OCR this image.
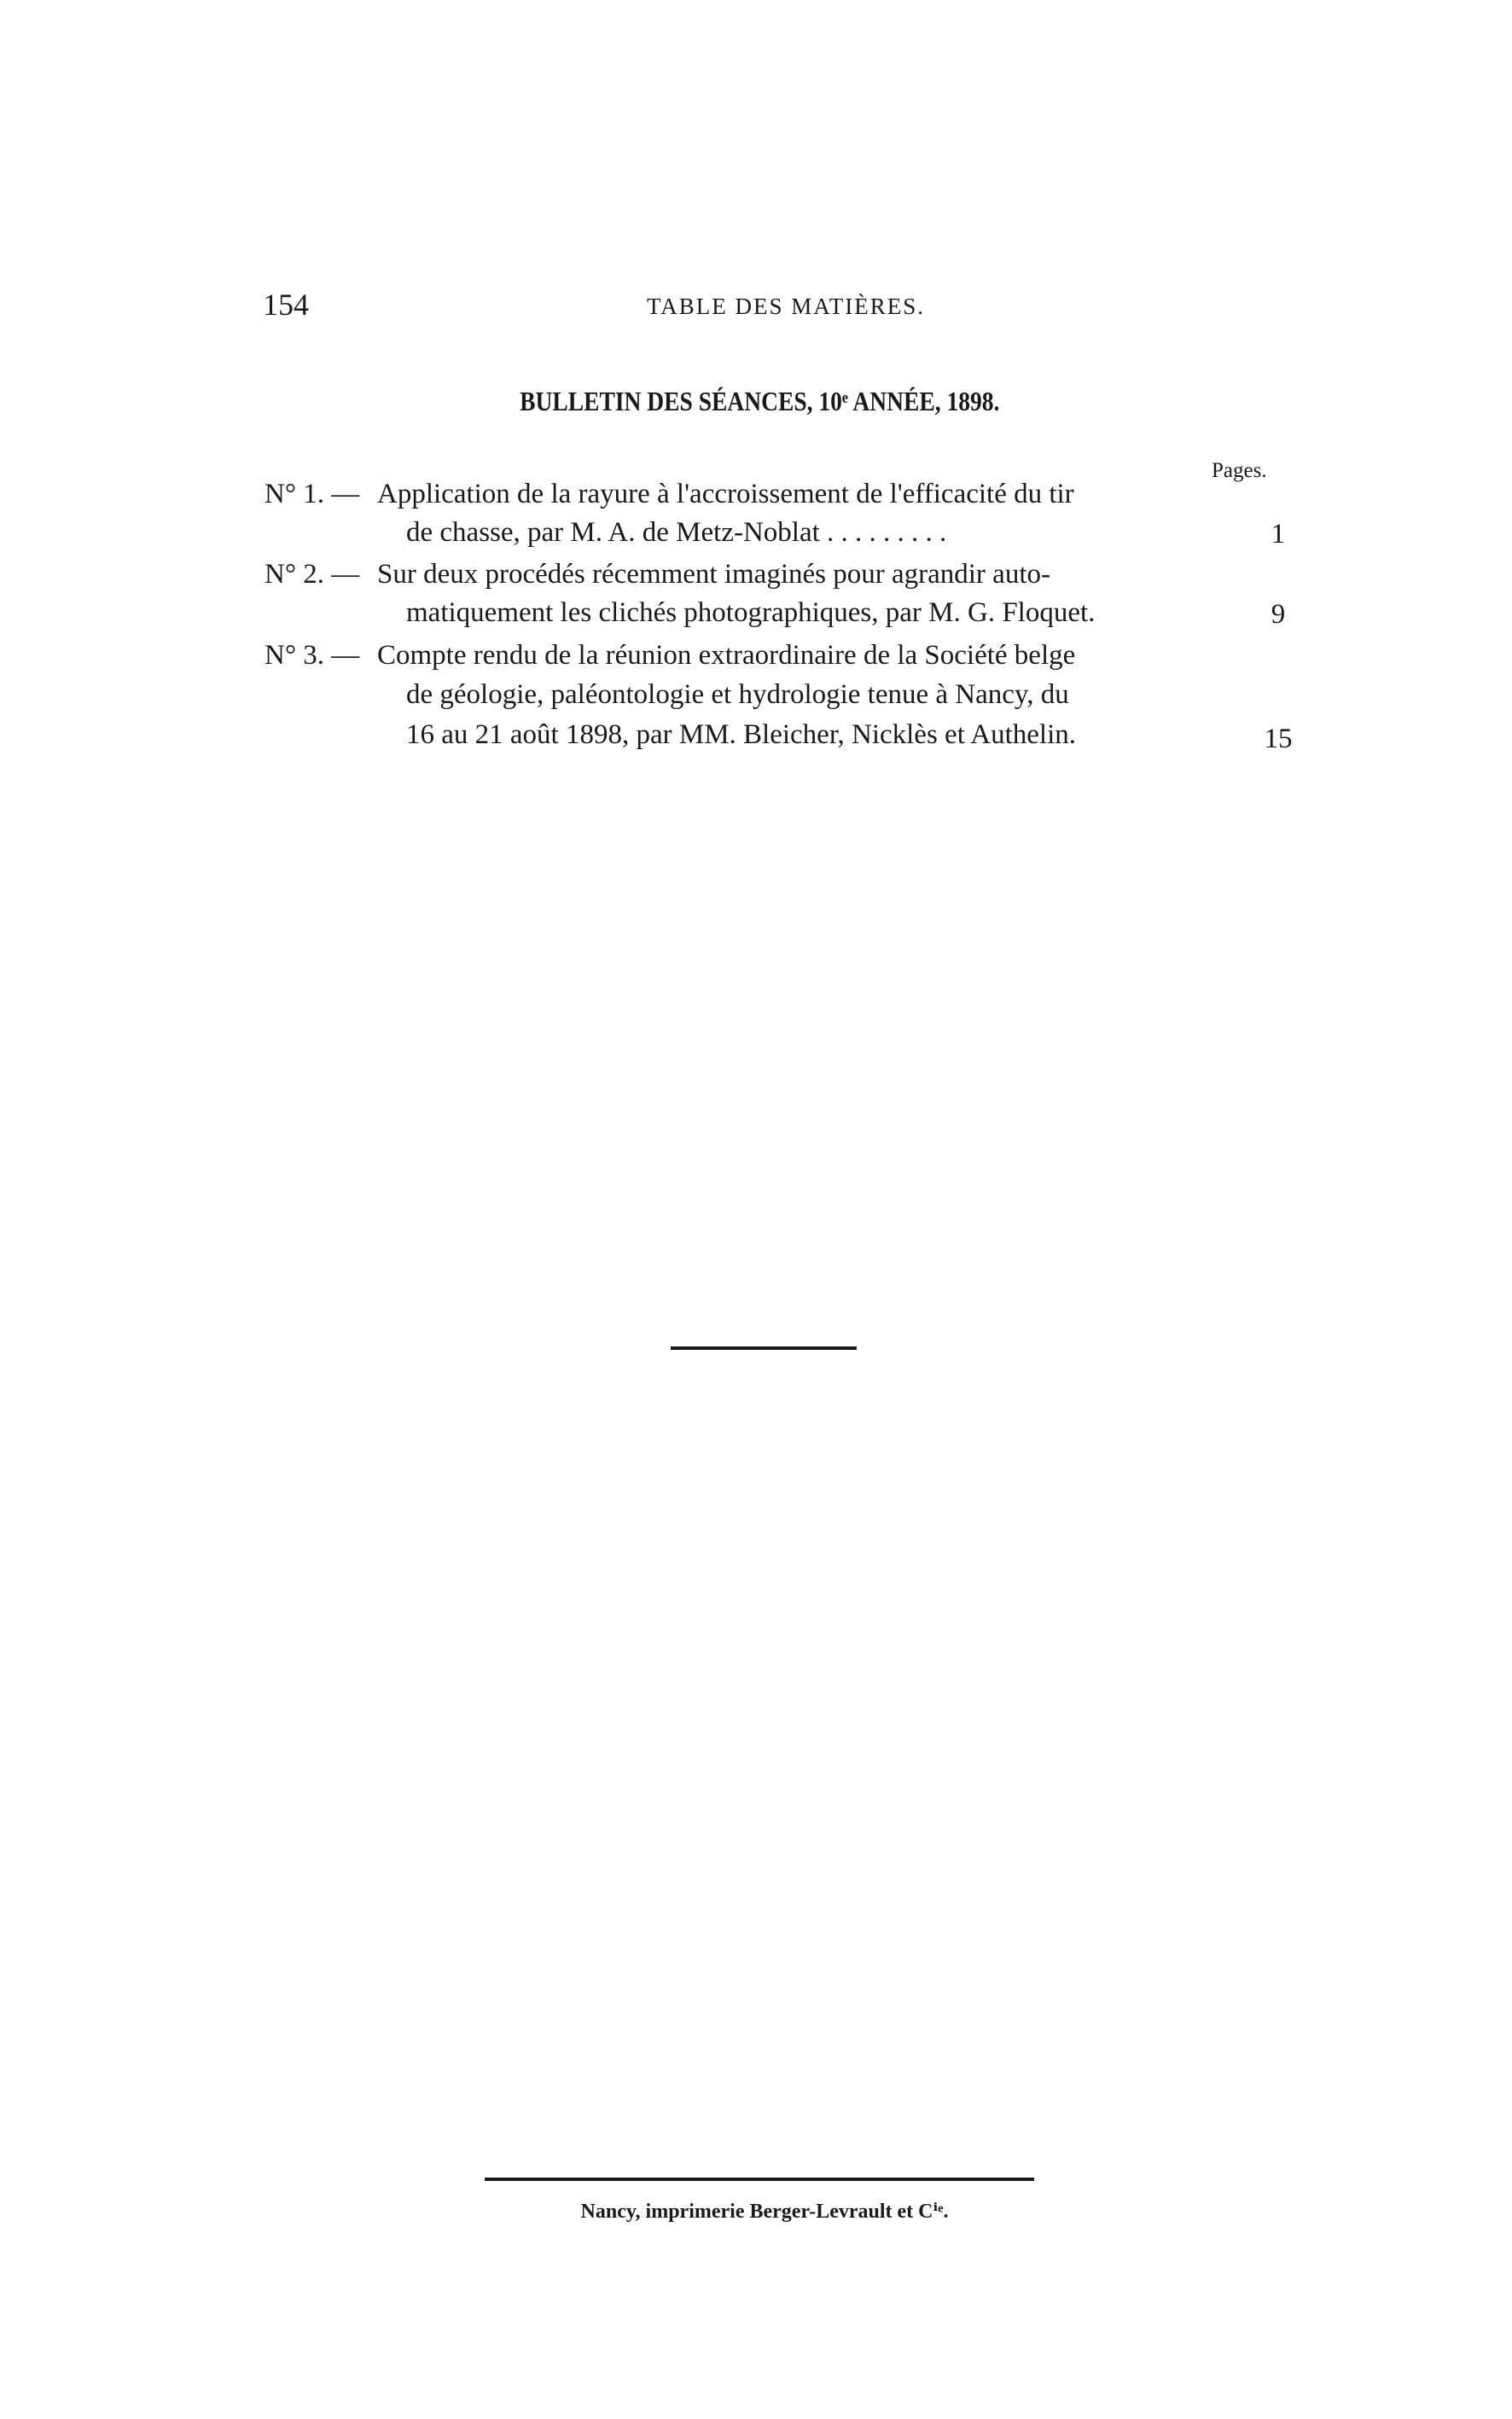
154	TABLE DES MATIÈRES.
BULLETIN DES SÉANCES, 10ᵉ ANNÉE, 1898.
Pages.
N° 1. — Application de la rayure à l'accroissement de l'efficacité du tir
de chasse, par M. A. de Metz-Noblat . . . . . . . . .	1
N° 2. — Sur deux procédés récemment imaginés pour agrandir auto-
matiquement les clichés photographiques, par M. G. Floquet.	9
N° 3. — Compte rendu de la réunion extraordinaire de la Société belge
de géologie, paléontologie et hydrologie tenue à Nancy, du
16 au 21 août 1898, par MM. Bleicher, Nicklès et Authelin.	15
Nancy, imprimerie Berger-Levrault et Cⁱᵉ.
